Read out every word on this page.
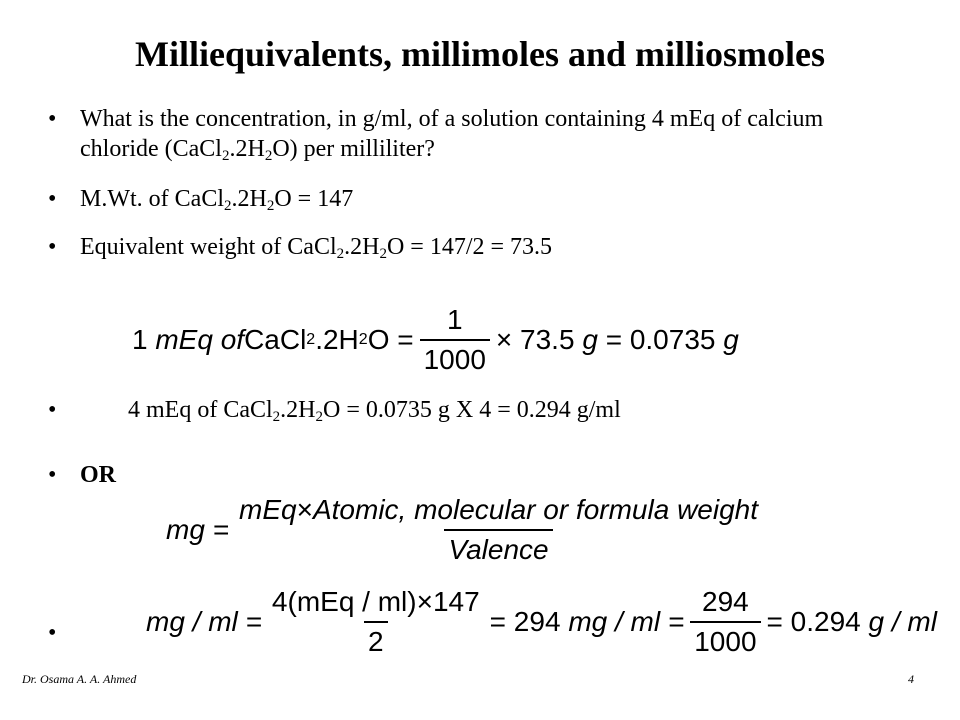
Milliequivalents, millimoles and milliosmoles
• What is the concentration, in g/ml, of a solution containing 4 mEq of calcium
chloride $(CaCl_2.2H_2O)$ per milliliter?
• M.Wt. of $CaCl_2.2H_2O = 147$
• Equivalent weight of $CaCl_2.2H_2O = 147/2 = 73.5$
1
mEq of CaCl 2 .2H 2 $O = \frac{1}{1000} \times 73.5$
g
= 0.0735
g
•	4 mEq of $CaCl_2.2H_2O = 0.0735$ g X 4 = 0.294 g/ml
• OR
mg = $\frac{\text{mEq×Atomic, molecular or formula weight}}{\text{Valence}}$
•	mg / ml = $\frac{\text{4(mEq / ml)×147}}{2} = 294$
mg / ml = $\frac{294}{1000} = 0.294$
g / ml
Dr. Osama A. A. Ahmed	4
